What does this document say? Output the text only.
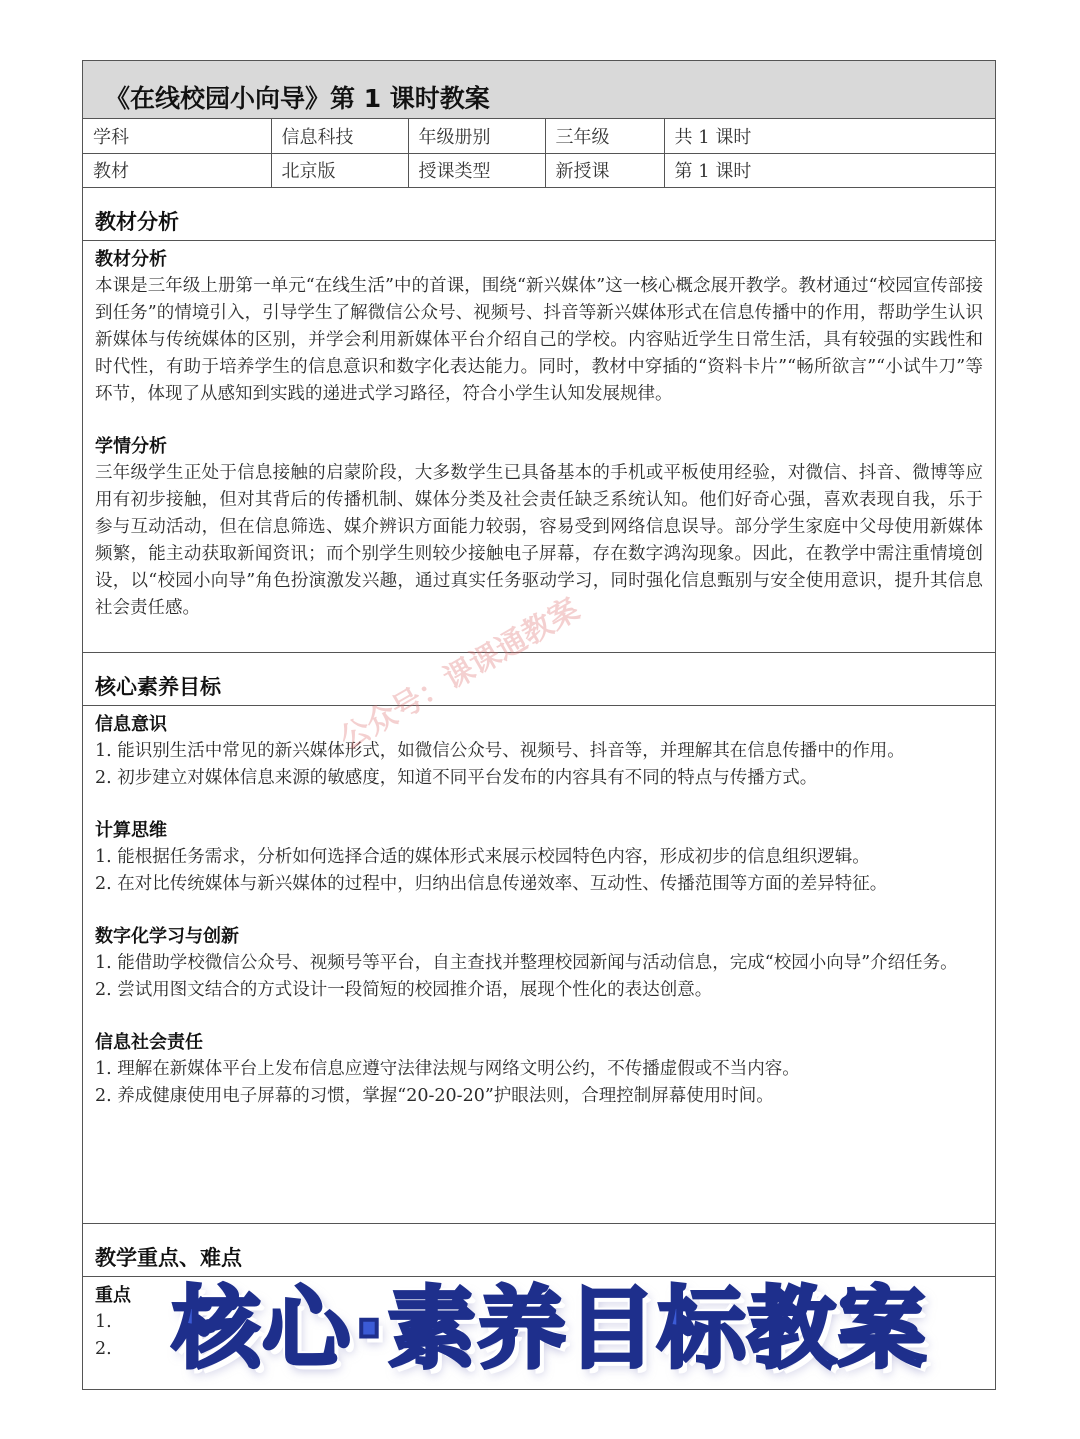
《在线校园小向导》第 1 课时教案
学科	信息科技	年级册别	三年级	共 1 课时
教材	北京版	授课类型	新授课	第 1 课时
教材分析
教材分析
本课是三年级上册第一单元“在线生活”中的首课，围绕“新兴媒体”这一核心概念展开教学。教材通过“校园宣传部接到任务”的情境引入，引导学生了解微信公众号、视频号、抖音等新兴媒体形式在信息传播中的作用，帮助学生认识新媒体与传统媒体的区别，并学会利用新媒体平台介绍自己的学校。内容贴近学生日常生活，具有较强的实践性和时代性，有助于培养学生的信息意识和数字化表达能力。同时，教材中穿插的“资料卡片”“畅所欲言”“小试牛刀”等环节，体现了从感知到实践的递进式学习路径，符合小学生认知发展规律。
学情分析
三年级学生正处于信息接触的启蒙阶段，大多数学生已具备基本的手机或平板使用经验，对微信、抖音、微博等应用有初步接触，但对其背后的传播机制、媒体分类及社会责任缺乏系统认知。他们好奇心强，喜欢表现自我，乐于参与互动活动，但在信息筛选、媒介辨识方面能力较弱，容易受到网络信息误导。部分学生家庭中父母使用新媒体频繁，能主动获取新闻资讯；而个别学生则较少接触电子屏幕，存在数字鸿沟现象。因此，在教学中需注重情境创设，以“校园小向导”角色扮演激发兴趣，通过真实任务驱动学习，同时强化信息甄别与安全使用意识，提升其信息社会责任感。
核心素养目标
信息意识
1. 能识别生活中常见的新兴媒体形式，如微信公众号、视频号、抖音等，并理解其在信息传播中的作用。
2. 初步建立对媒体信息来源的敏感度，知道不同平台发布的内容具有不同的特点与传播方式。
计算思维
1. 能根据任务需求，分析如何选择合适的媒体形式来展示校园特色内容，形成初步的信息组织逻辑。
2. 在对比传统媒体与新兴媒体的过程中，归纳出信息传递效率、互动性、传播范围等方面的差异特征。
数字化学习与创新
1. 能借助学校微信公众号、视频号等平台，自主查找并整理校园新闻与活动信息，完成“校园小向导”介绍任务。
2. 尝试用图文结合的方式设计一段简短的校园推介语，展现个性化的表达创意。
信息社会责任
1. 理解在新媒体平台上发布信息应遵守法律法规与网络文明公约，不传播虚假或不当内容。
2. 养成健康使用电子屏幕的习惯，掌握“20-20-20”护眼法则，合理控制屏幕使用时间。
教学重点、难点
重点
1.
2.
公众号：课课通教案
核心·素养目标教案
